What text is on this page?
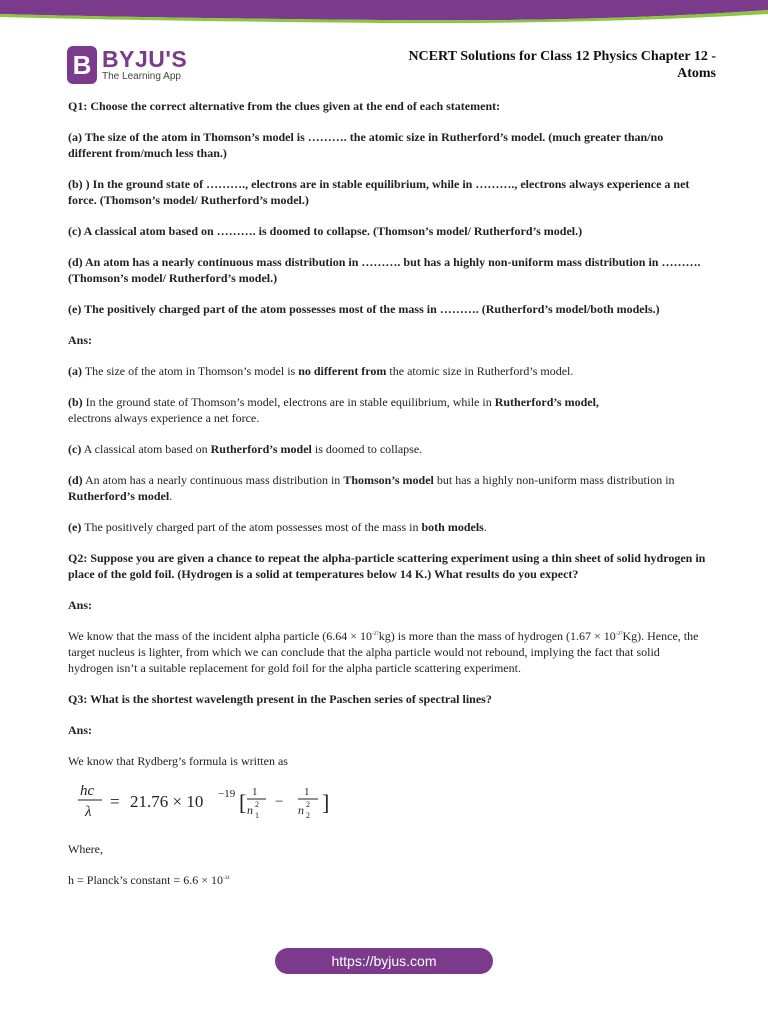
B BYJU'S
The Learning App
NCERT Solutions for Class 12 Physics Chapter 12 -
Atoms

Q1: Choose the correct alternative from the clues given at the end of each statement:

(a) The size of the atom in Thomson’s model is ………. the atomic size in Rutherford’s model. (much greater than/no different from/much less than.)

(b) ) In the ground state of ………., electrons are in stable equilibrium, while in ………., electrons always experience a net force. (Thomson’s model/ Rutherford’s model.)

(c) A classical atom based on ………. is doomed to collapse. (Thomson’s model/ Rutherford’s model.)

(d) An atom has a nearly continuous mass distribution in ………. but has a highly non-uniform mass distribution in ………. (Thomson’s model/ Rutherford’s model.)

(e) The positively charged part of the atom possesses most of the mass in ………. (Rutherford’s model/both models.)

Ans:

(a) The size of the atom in Thomson’s model is no different from the atomic size in Rutherford’s model.

(b) In the ground state of Thomson’s model, electrons are in stable equilibrium, while in Rutherford’s model, electrons always experience a net force.

(c) A classical atom based on Rutherford’s model is doomed to collapse.

(d) An atom has a nearly continuous mass distribution in Thomson’s model but has a highly non-uniform mass distribution in Rutherford’s model.

(e) The positively charged part of the atom possesses most of the mass in both models.

Q2: Suppose you are given a chance to repeat the alpha-particle scattering experiment using a thin sheet of solid hydrogen in place of the gold foil. (Hydrogen is a solid at temperatures below 14 K.) What results do you expect?

Ans:

We know that the mass of the incident alpha particle $(6.64 \times 10^{-27}kg)$ is more than the mass of hydrogen $(1.67 \times 10^{-27}Kg)$. Hence, the target nucleus is lighter, from which we can conclude that the alpha particle would not rebound, implying the fact that solid hydrogen isn’t a suitable replacement for gold foil for the alpha particle scattering experiment.

Q3: What is the shortest wavelength present in the Paschen series of spectral lines?

Ans:

We know that Rydberg’s formula is written as

hc
λ
= 21.76 × 10 −19 [ 1
n 1
2 −
1
n 2
2 ]

Where,

h = Planck’s constant = $6.6 \times 10^{-34}$

https://byjus.com
